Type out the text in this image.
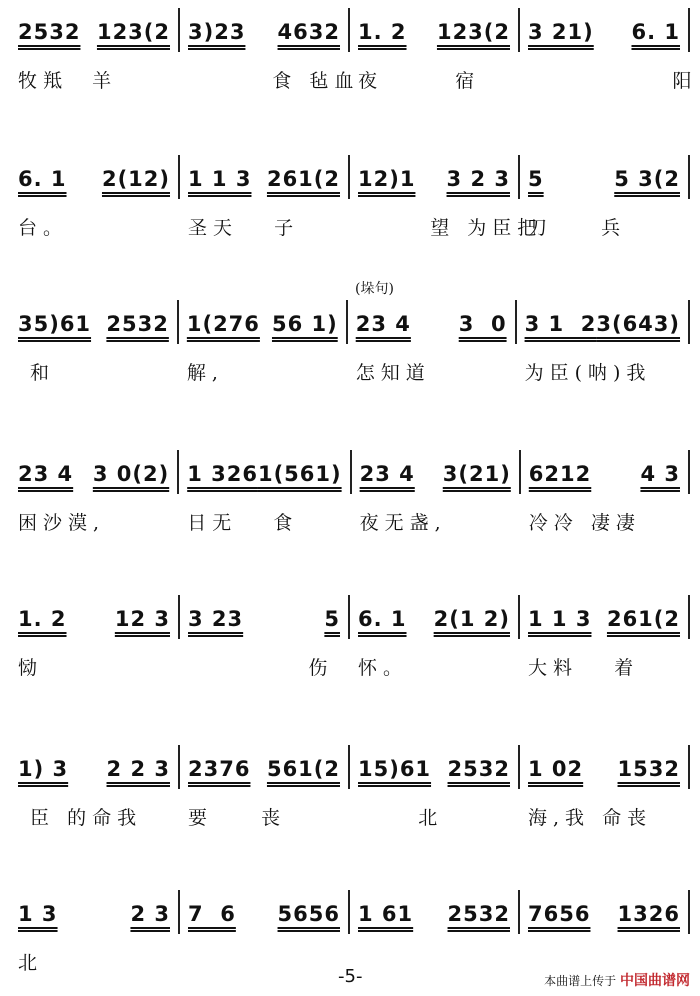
2532 123(2
牧羝  羊
3)23 4632
食 毡血
1. 2 123(2
夜      宿
3 21) 6. 1
阳
6. 1 2(12)
台。
1 1 3 261(2
圣天   子
12)1 3 2 3
望 为臣把
5	5 3(2
刀    兵
35)61 2532
和
1(276 56 1)
解,
23 4 3  0
怎知道
3 1  2 3(643)
为臣(呐)我
23 4 3 0(2)
困沙漠,
1 326 1(561)
日无   食
23 4 3(21)
夜无盏,
6212 4 3
冷冷 凄凄
1. 2 12 3
恸
3 23	5
伤
6. 1 2(1 2)
怀。
1 1 3 261(2
大料   着
1) 3 2 2 3
臣 的命我
2376 561(2
要    丧
15)61 2532
北
1 02 1532
海,我 命丧
1 3	2 3
北
7  6 5656 1 61 2532 7656 1326
(垛句)
-5-	本曲谱上传于 中国曲谱网
